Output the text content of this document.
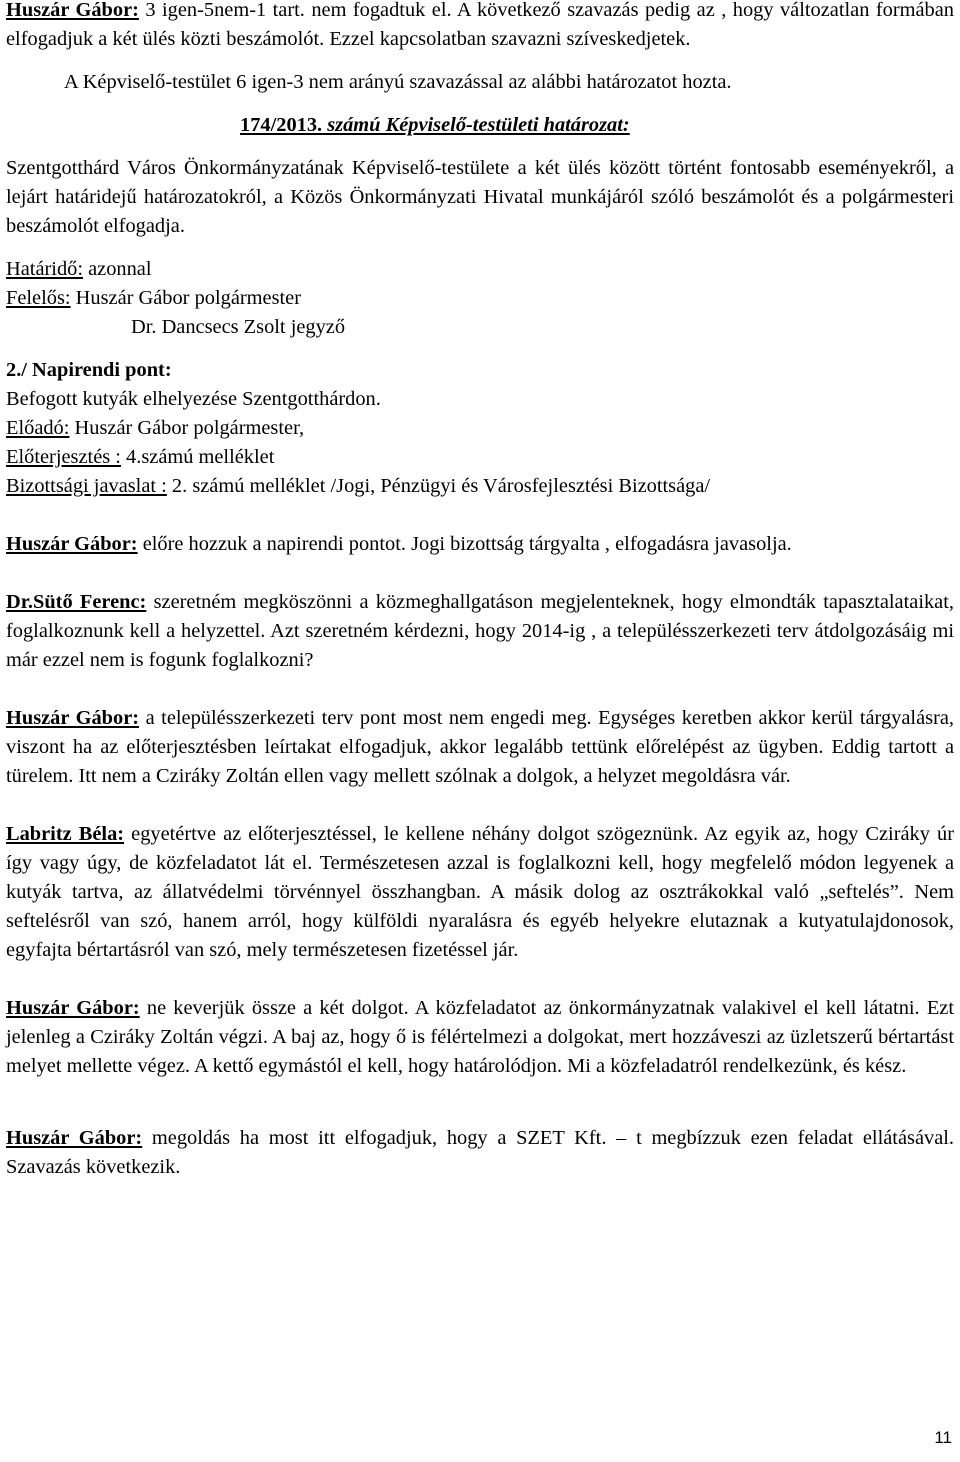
Huszár Gábor: 3 igen-5nem-1 tart. nem fogadtuk el. A következő szavazás pedig az , hogy változatlan formában elfogadjuk a két ülés közti beszámolót. Ezzel kapcsolatban szavazni szíveskedjetek.

A Képviselő-testület 6 igen-3 nem arányú szavazással az alábbi határozatot hozta.

174/2013. számú Képviselő-testületi határozat:

Szentgotthárd Város Önkormányzatának Képviselő-testülete a két ülés között történt fontosabb eseményekről, a lejárt határidejű határozatokról, a Közös Önkormányzati Hivatal munkájáról szóló beszámolót és a polgármesteri beszámolót elfogadja.

Határidő: azonnal

Felelős: Huszár Gábor polgármester

Dr. Dancsecs Zsolt jegyző

2./ Napirendi pont:

Befogott kutyák elhelyezése Szentgotthárdon.

Előadó: Huszár Gábor polgármester,

Előterjesztés : 4.számú melléklet

Bizottsági javaslat : 2. számú melléklet /Jogi, Pénzügyi és Városfejlesztési Bizottsága/

Huszár Gábor: előre hozzuk a napirendi pontot. Jogi bizottság tárgyalta , elfogadásra javasolja.

Dr.Sütő Ferenc: szeretném megköszönni a közmeghallgatáson megjelenteknek, hogy elmondták tapasztalataikat, foglalkoznunk kell a helyzettel. Azt szeretném kérdezni, hogy 2014-ig , a településszerkezeti terv átdolgozásáig mi már ezzel nem is fogunk foglalkozni?

Huszár Gábor: a településszerkezeti terv pont most nem engedi meg. Egységes keretben akkor kerül tárgyalásra, viszont ha az előterjesztésben leírtakat elfogadjuk, akkor legalább tettünk előrelépést az ügyben. Eddig tartott a türelem. Itt nem a Cziráky Zoltán ellen vagy mellett szólnak a dolgok, a helyzet megoldásra vár.

Labritz Béla: egyetértve az előterjesztéssel, le kellene néhány dolgot szögeznünk. Az egyik az, hogy Cziráky úr így vagy úgy, de közfeladatot lát el. Természetesen azzal is foglalkozni kell, hogy megfelelő módon legyenek a kutyák tartva, az állatvédelmi törvénnyel összhangban. A másik dolog az osztrákokkal való „seftelés”. Nem seftelésről van szó, hanem arról, hogy külföldi nyaralásra és egyéb helyekre elutaznak a kutyatulajdonosok, egyfajta bértartásról van szó, mely természetesen fizetéssel jár.

Huszár Gábor: ne keverjük össze a két dolgot. A közfeladatot az önkormányzatnak valakivel el kell látatni. Ezt jelenleg a Cziráky Zoltán végzi. A baj az, hogy ő is félértelmezi a dolgokat, mert hozzáveszi az üzletszerű bértartást melyet mellette végez. A kettő egymástól el kell, hogy határolódjon. Mi a közfeladatról rendelkezünk, és kész.

Huszár Gábor: megoldás ha most itt elfogadjuk, hogy a SZET Kft. – t megbízzuk ezen feladat ellátásával. Szavazás következik.

11
